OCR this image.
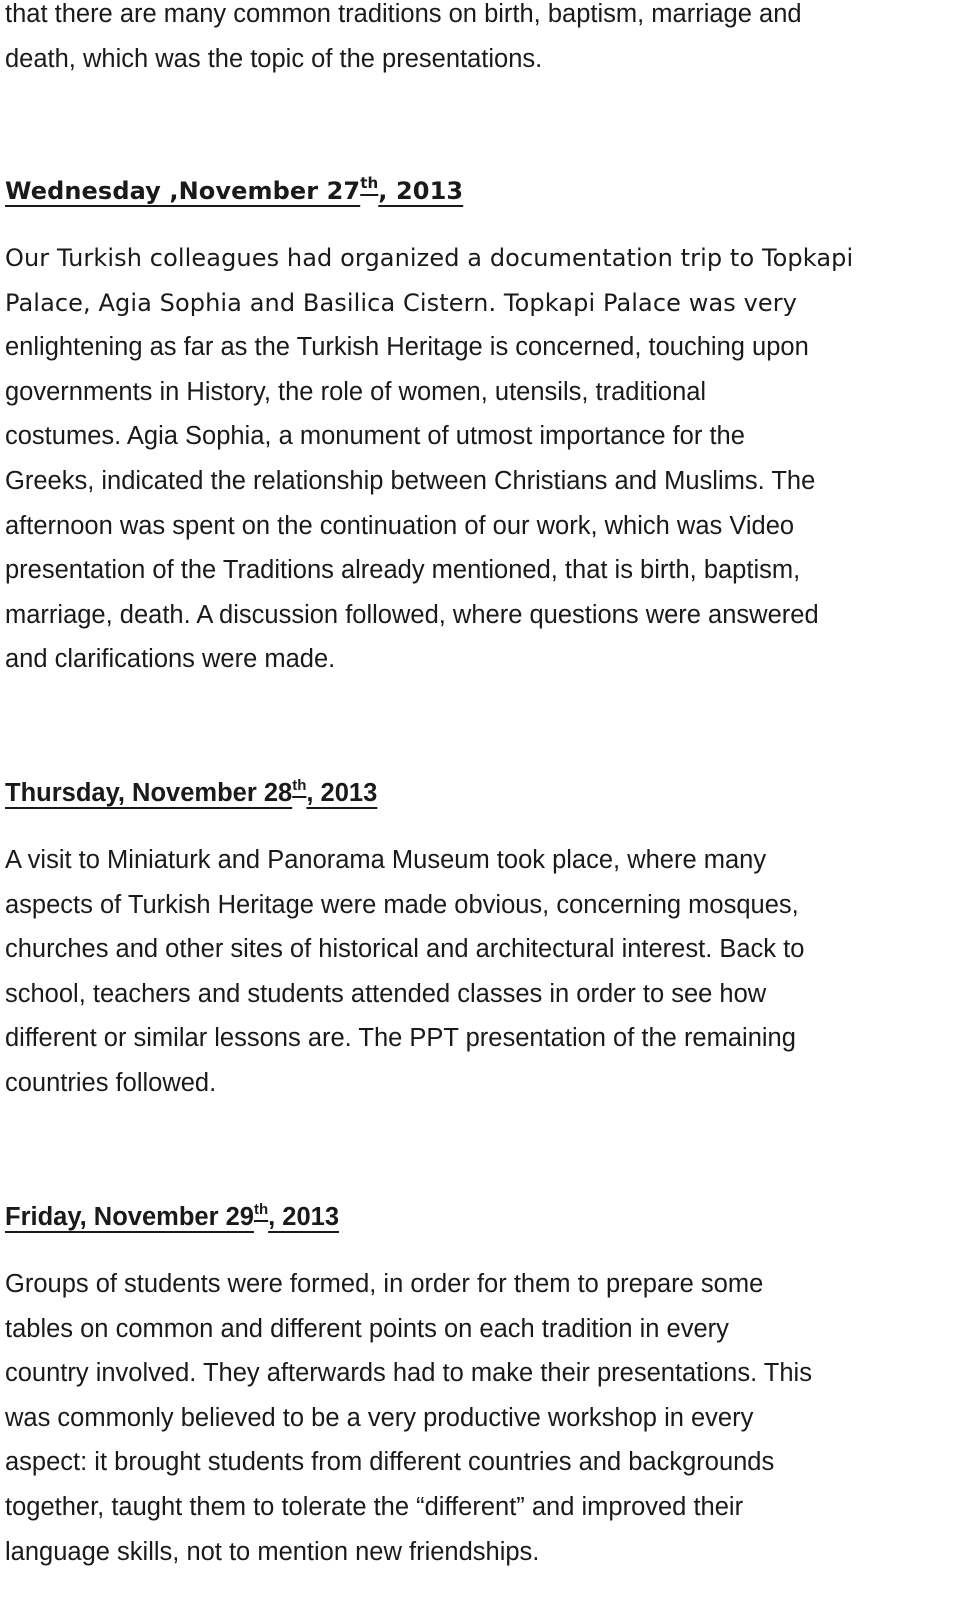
that there are many common traditions on birth, baptism, marriage and
death, which was the topic of the presentations.

Wednesday ,November 27th, 2013

Our Turkish colleagues had organized a documentation trip to Topkapi
Palace, Agia Sophia and Basilica Cistern. Topkapi Palace was very
enlightening as far as the Turkish Heritage is concerned, touching upon
governments in History, the role of women, utensils, traditional
costumes. Agia Sophia, a monument of utmost importance for the
Greeks, indicated the relationship between Christians and Muslims. The
afternoon was spent on the continuation of our work, which was Video
presentation of the Traditions already mentioned, that is birth, baptism,
marriage, death. A discussion followed, where questions were answered
and clarifications were made.

Thursday, November 28th, 2013

A visit to Miniaturk and Panorama Museum took place, where many
aspects of Turkish Heritage were made obvious, concerning mosques,
churches and other sites of historical and architectural interest. Back to
school, teachers and students attended classes in order to see how
different or similar lessons are. The PPT presentation of the remaining
countries followed.

Friday, November 29th, 2013

Groups of students were formed, in order for them to prepare some
tables on common and different points on each tradition in every
country involved. They afterwards had to make their presentations. This
was commonly believed to be a very productive workshop in every
aspect: it brought students from different countries and backgrounds
together, taught them to tolerate the “different” and improved their
language skills, not to mention new friendships.
